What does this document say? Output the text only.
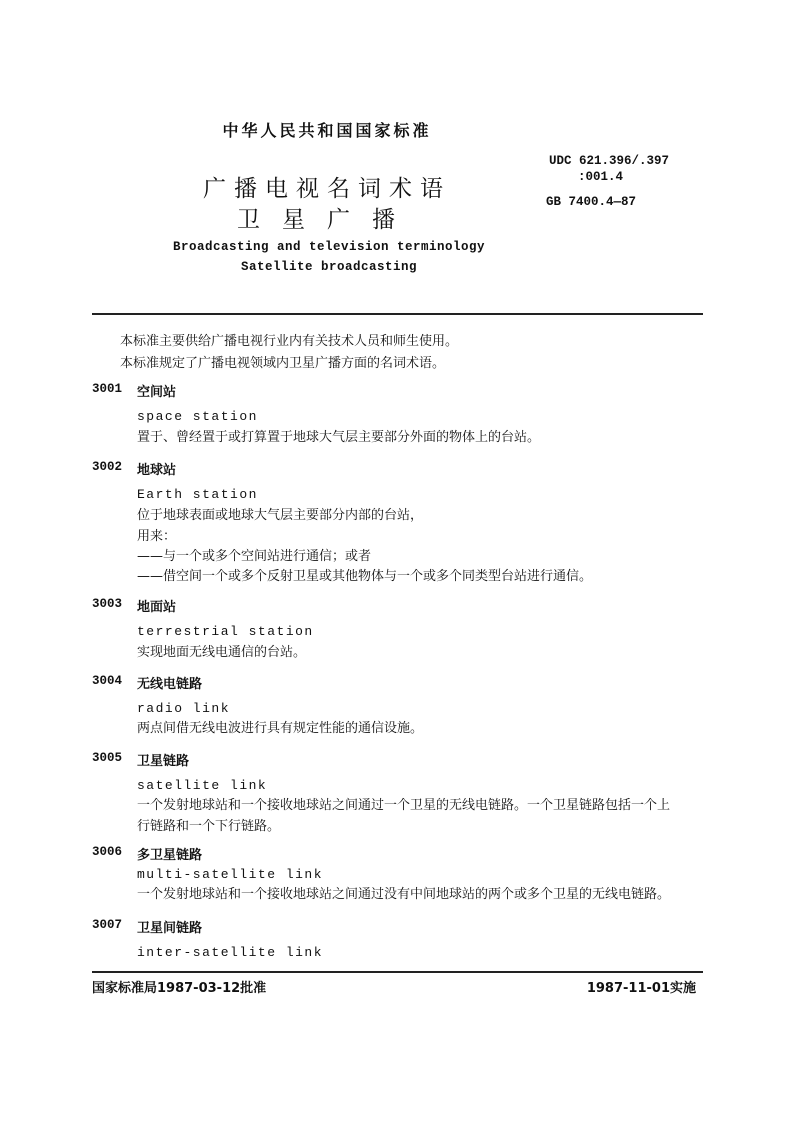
中华人民共和国国家标准
广播电视名词术语
卫星广播
Broadcasting and television terminology
Satellite broadcasting
UDC 621.396/.397
:001.4
GB 7400.4—87
本标准主要供给广播电视行业内有关技术人员和师生使用。
本标准规定了广播电视领域内卫星广播方面的名词术语。
3001 空间站
space station
置于、曾经置于或打算置于地球大气层主要部分外面的物体上的台站。
3002 地球站
Earth station
位于地球表面或地球大气层主要部分内部的台站，
用来：
——与一个或多个空间站进行通信；或者
——借空间一个或多个反射卫星或其他物体与一个或多个同类型台站进行通信。
3003 地面站
terrestrial station
实现地面无线电通信的台站。
3004 无线电链路
radio link
两点间借无线电波进行具有规定性能的通信设施。
3005 卫星链路
satellite link
一个发射地球站和一个接收地球站之间通过一个卫星的无线电链路。一个卫星链路包括一个上
行链路和一个下行链路。
3006 多卫星链路
multi-satellite link
一个发射地球站和一个接收地球站之间通过没有中间地球站的两个或多个卫星的无线电链路。
3007 卫星间链路
inter-satellite link
国家标准局1987-03-12批准	1987-11-01实施
